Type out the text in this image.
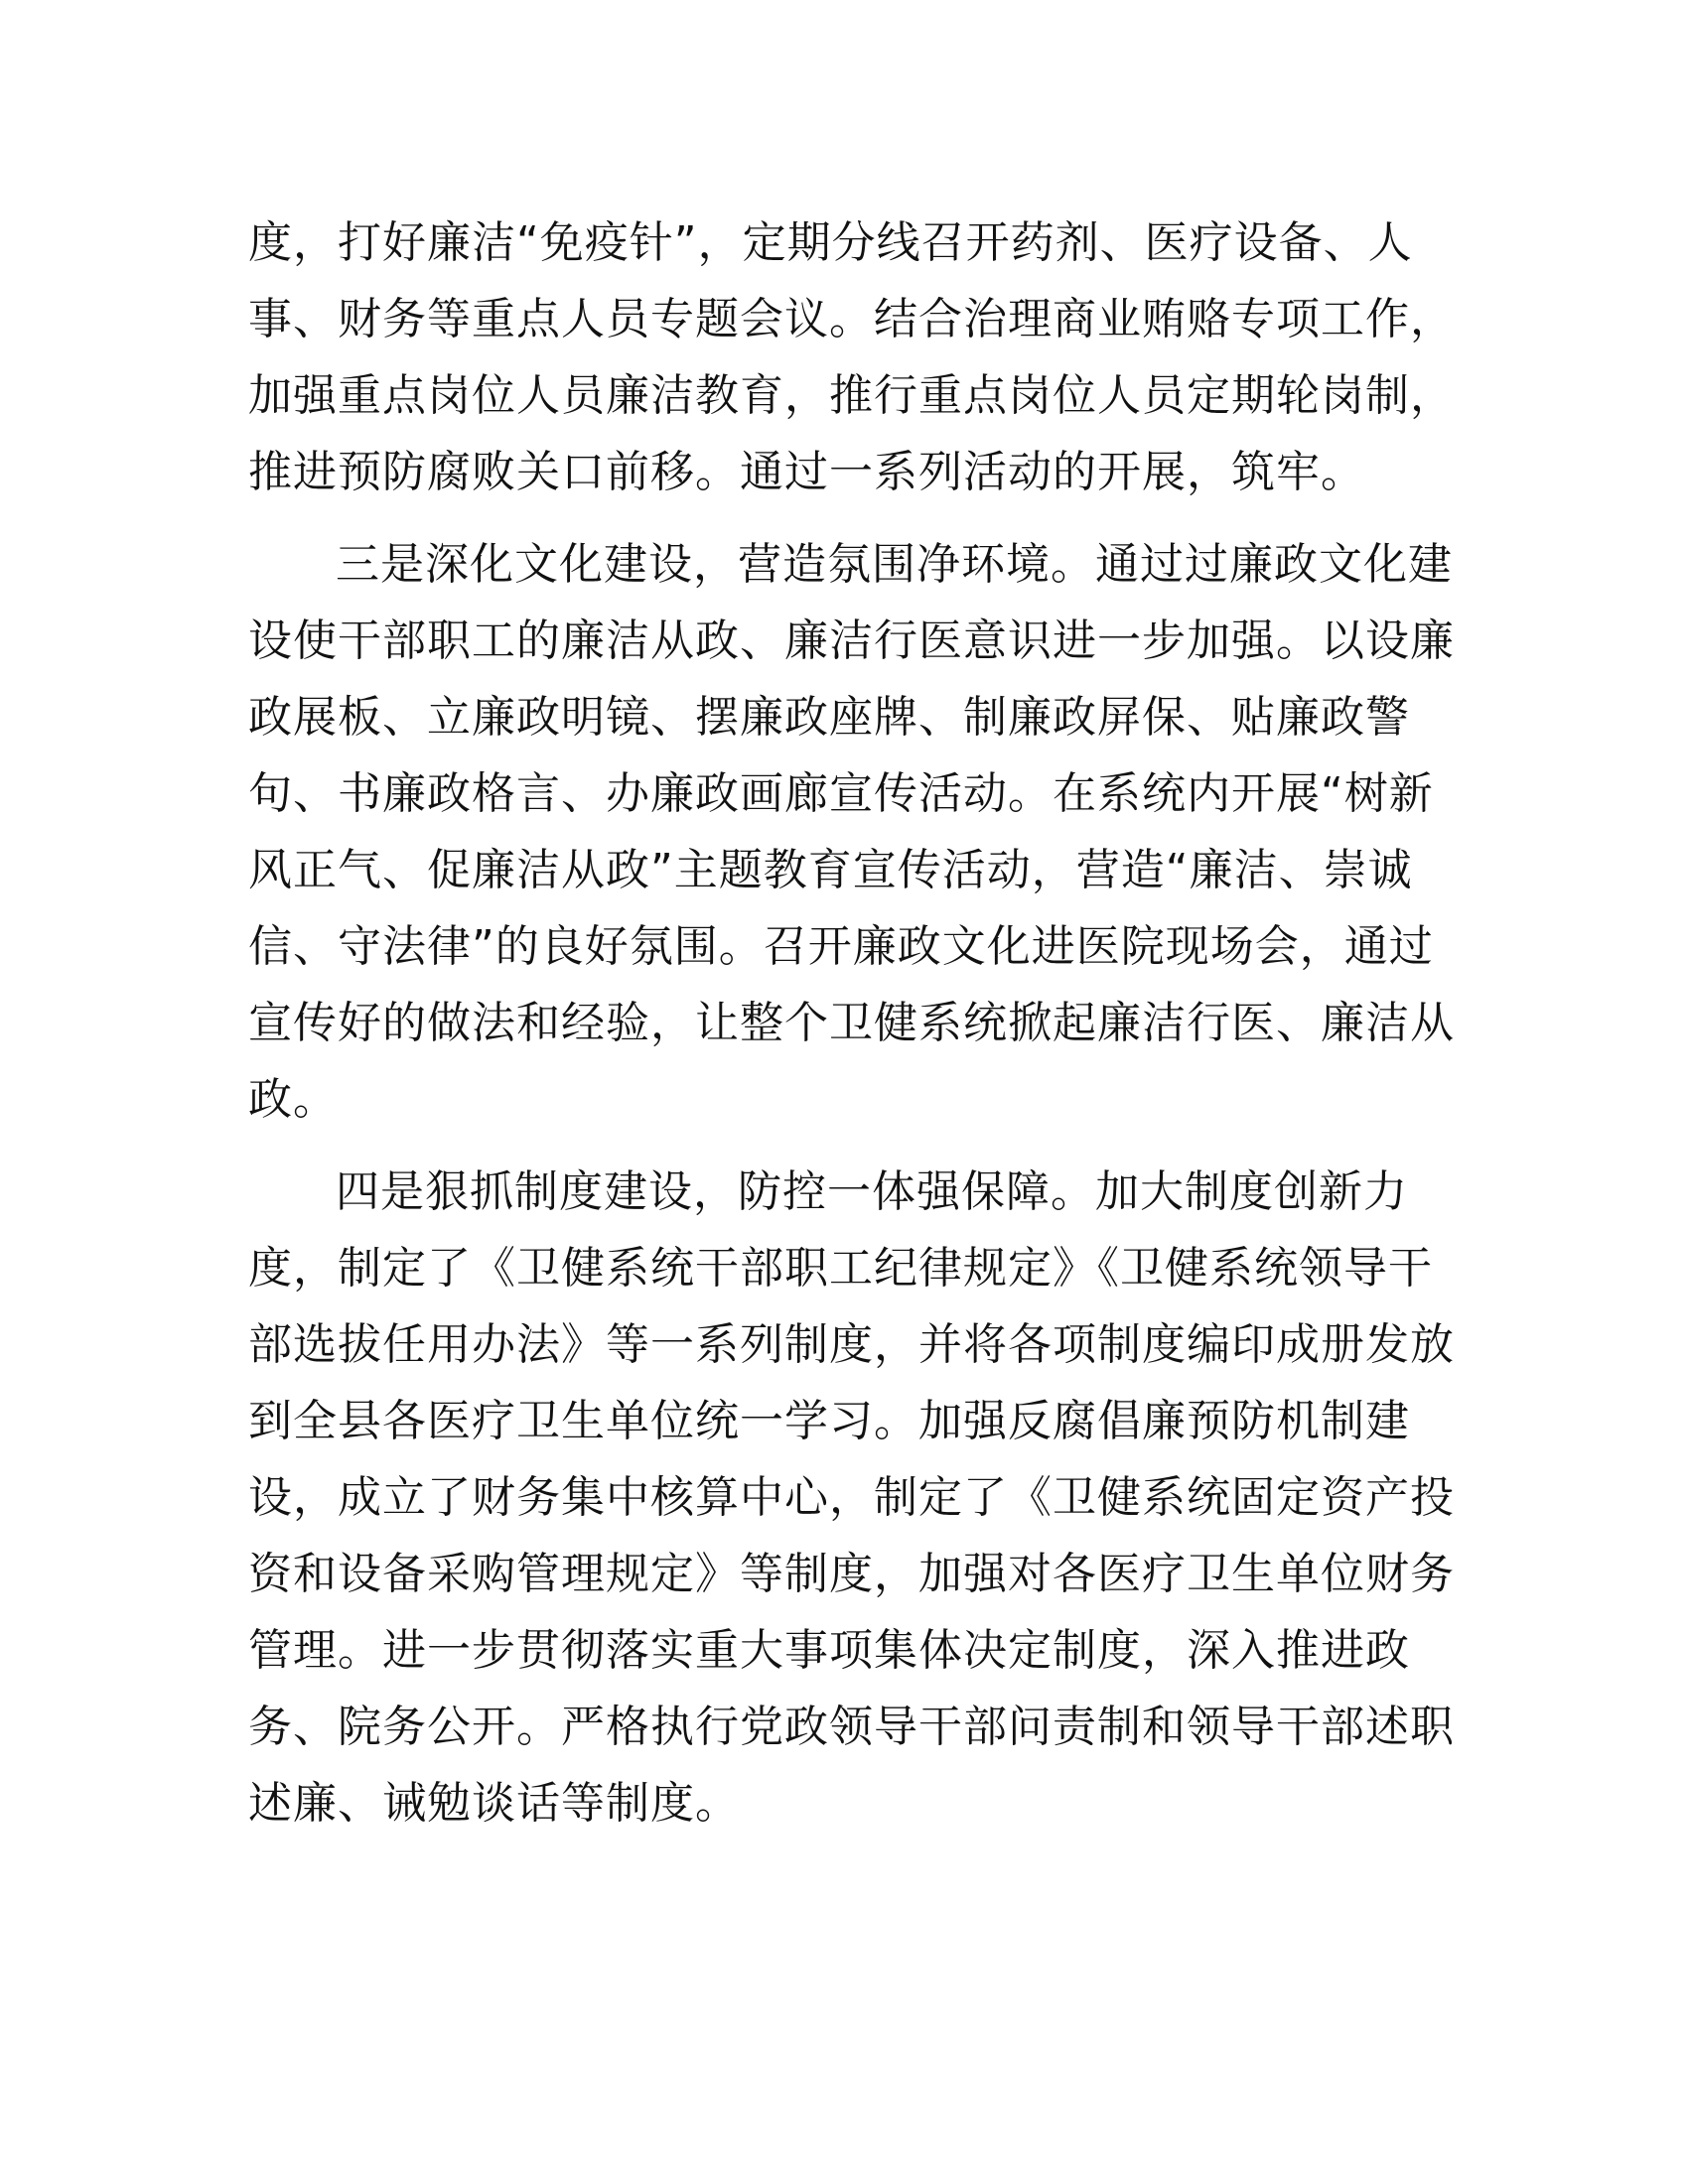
度，打好廉洁“免疫针”，定期分线召开药剂、医疗设备、人
事、财务等重点人员专题会议。结合治理商业贿赂专项工作，
加强重点岗位人员廉洁教育，推行重点岗位人员定期轮岗制，
推进预防腐败关口前移。通过一系列活动的开展，筑牢。
三是深化文化建设，营造氛围净环境。通过过廉政文化建
设使干部职工的廉洁从政、廉洁行医意识进一步加强。以设廉
政展板、立廉政明镜、摆廉政座牌、制廉政屏保、贴廉政警
句、书廉政格言、办廉政画廊宣传活动。在系统内开展“树新
风正气、促廉洁从政”主题教育宣传活动，营造“廉洁、崇诚
信、守法律”的良好氛围。召开廉政文化进医院现场会，通过
宣传好的做法和经验，让整个卫健系统掀起廉洁行医、廉洁从
政。
四是狠抓制度建设，防控一体强保障。加大制度创新力
度，制定了《卫健系统干部职工纪律规定》《卫健系统领导干
部选拔任用办法》等一系列制度，并将各项制度编印成册发放
到全县各医疗卫生单位统一学习。加强反腐倡廉预防机制建
设，成立了财务集中核算中心，制定了《卫健系统固定资产投
资和设备采购管理规定》等制度，加强对各医疗卫生单位财务
管理。进一步贯彻落实重大事项集体决定制度，深入推进政
务、院务公开。严格执行党政领导干部问责制和领导干部述职
述廉、诫勉谈话等制度。
